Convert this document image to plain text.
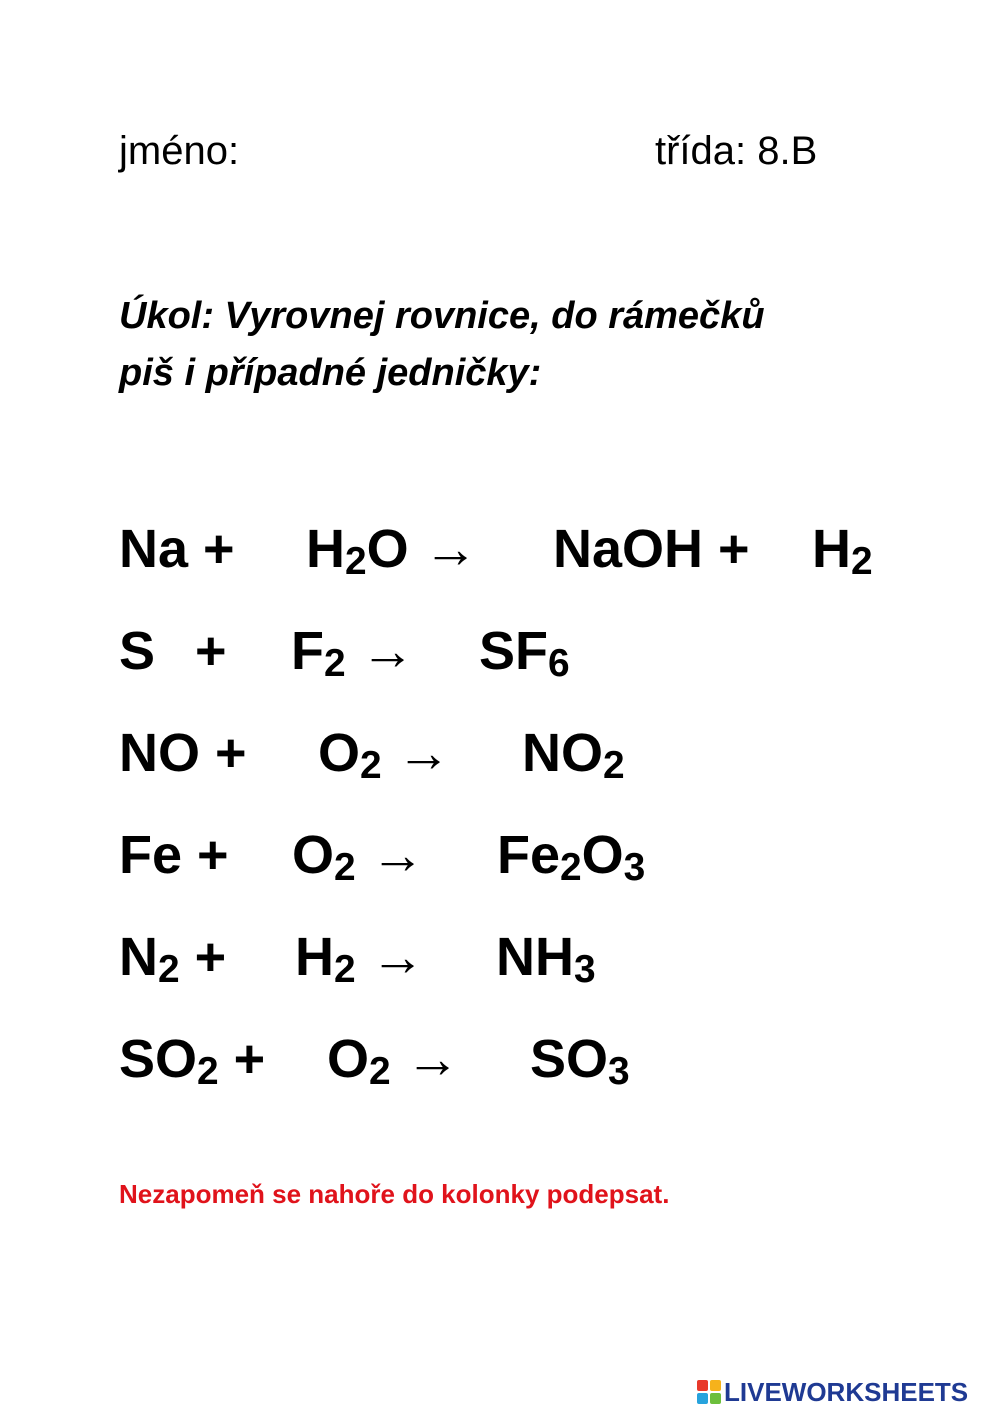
jméno:	třída: 8.B
Úkol: Vyrovnej rovnice, do rámečků
piš i případné jedničky:
$Na + H_2O$ → NaOH + $H_2$
$S + F_2 \to SF_6$
NO + $O_2 \to NO_2$
$Fe + O_2 \to Fe_2O_3$
$N_2 + H_2 \to NH_3$
$SO_2 + O_2 \to SO_3$
Nezapomeň se nahoře do kolonky podepsat.
LIVEWORKSHEETS
